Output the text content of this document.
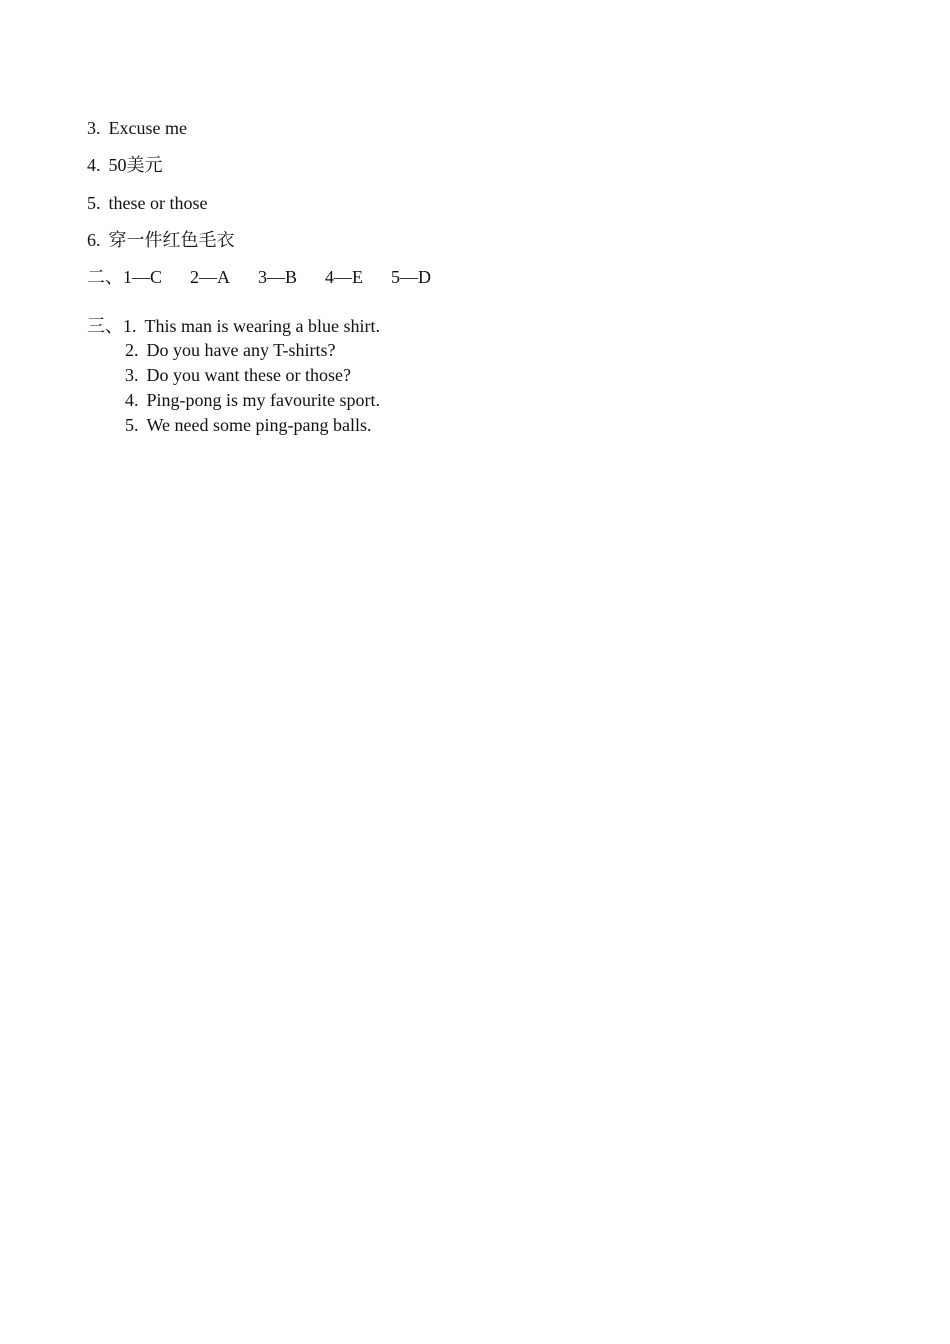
3. Excuse me
4. 50美元
5. these or those
6. 穿一件红色毛衣
二、1—C 2—A 3—B 4—E 5—D
三、1. This man is wearing a blue shirt.
2. Do you have any T-shirts?
3. Do you want these or those?
4. Ping-pong is my favourite sport.
5. We need some ping-pang balls.
